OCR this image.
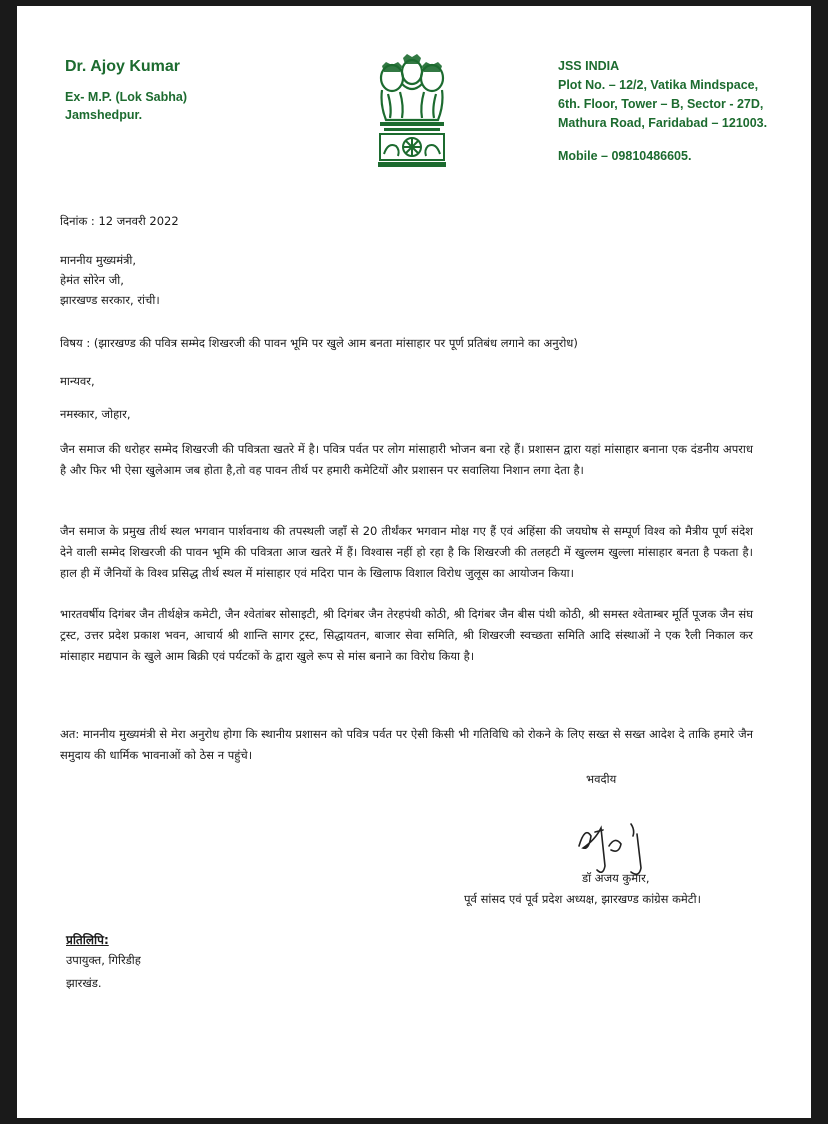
Dr. Ajoy Kumar
Ex- M.P. (Lok Sabha)
Jamshedpur.
JSS INDIA
Plot No. – 12/2, Vatika Mindspace,
6th. Floor, Tower – B, Sector - 27D,
Mathura Road, Faridabad – 121003.
Mobile – 09810486605.
दिनांक : 12 जनवरी 2022
माननीय मुख्यमंत्री,
हेमंत सोरेन जी,
झारखण्ड सरकार, रांची।
विषय : (झारखण्ड की पवित्र सम्मेद शिखरजी की पावन भूमि पर खुले आम बनता मांसाहार पर पूर्ण प्रतिबंध लगाने का अनुरोध)
मान्यवर,
नमस्कार, जोहार,
जैन समाज की धरोहर सम्मेद शिखरजी की पवित्रता खतरे में है। पवित्र पर्वत पर लोग मांसाहारी भोजन बना रहे हैं। प्रशासन द्वारा यहां मांसाहार बनाना एक दंडनीय अपराध है और फिर भी ऐसा खुलेआम जब होता है,तो वह पावन तीर्थ पर हमारी कमेटियों और प्रशासन पर सवालिया निशान लगा देता है।
जैन समाज के प्रमुख तीर्थ स्थल भगवान पार्शवनाथ की तपस्थली जहाँ से 20 तीर्थंकर भगवान मोक्ष गए हैं एवं अहिंसा की जयघोष से सम्पूर्ण विश्व को मैत्रीय पूर्ण संदेश देने वाली सम्मेद शिखरजी की पावन भूमि की पवित्रता आज खतरे में हैं। विश्वास नहीं हो रहा है कि शिखरजी की तलहटी में खुल्लम खुल्ला मांसाहार बनता है पकता है। हाल ही में जैनियों के विश्व प्रसिद्ध तीर्थ स्थल में मांसाहार एवं मदिरा पान के खिलाफ विशाल विरोध जुलूस का आयोजन किया।
भारतवर्षीय दिगंबर जैन तीर्थक्षेत्र कमेटी, जैन श्वेतांबर सोसाइटी, श्री दिगंबर जैन तेरहपंथी कोठी, श्री दिगंबर जैन बीस पंथी कोठी, श्री समस्त श्वेताम्बर मूर्ति पूजक जैन संघ ट्रस्ट, उत्तर प्रदेश प्रकाश भवन, आचार्य श्री शान्ति सागर ट्रस्ट, सिद्धायतन, बाजार सेवा समिति, श्री शिखरजी स्वच्छता समिति आदि संस्थाओं ने एक रैली निकाल कर मांसाहार मद्यपान के खुले आम बिक्री एवं पर्यटकों के द्वारा खुले रूप से मांस बनाने का विरोध किया है।
अत: माननीय मुख्यमंत्री से मेरा अनुरोध होगा कि स्थानीय प्रशासन को पवित्र पर्वत पर ऐसी किसी भी गतिविधि को रोकने के लिए सख्त से सख्त आदेश दे ताकि हमारे जैन समुदाय की धार्मिक भावनाओं को ठेस न पहुंचे।
भवदीय
डॉ अजय कुमार,
पूर्व सांसद एवं पूर्व प्रदेश अध्यक्ष, झारखण्ड कांग्रेस कमेटी।
प्रतिलिपि:
उपायुक्त, गिरिडीह
झारखंड.
